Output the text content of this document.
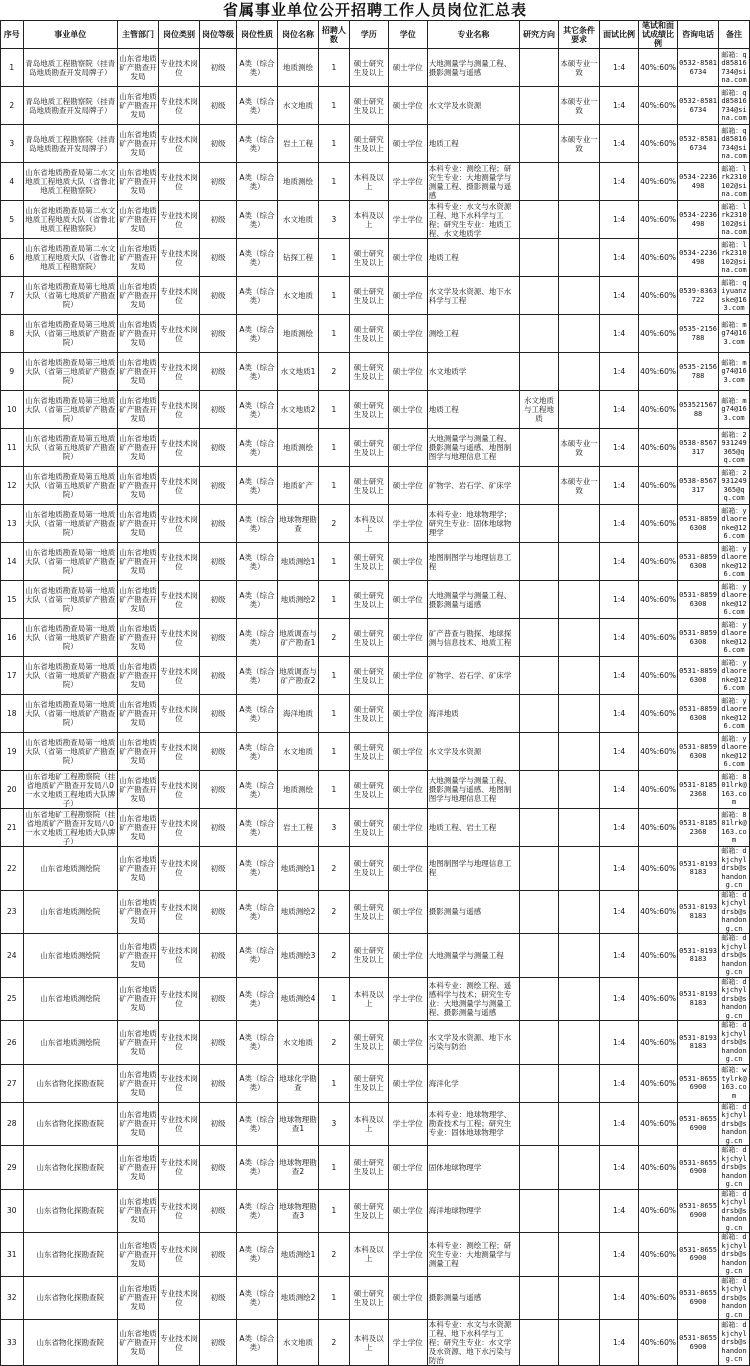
省属事业单位公开招聘工作人员岗位汇总表
序号	事业单位	主管部门	岗位类别	岗位等级	岗位性质	岗位名称	招聘人数	学历	学位	专业名称	研究方向	其它条件要求	面试比例	笔试和面试成绩比例	咨询电话	备注
1	青岛地质工程勘察院（挂青岛地质勘查开发局牌子）	山东省地质矿产勘查开发局	专业技术岗位	初级	A类（综合类）	地质测绘	1	硕士研究生及以上	硕士学位	大地测量学与测量工程、摄影测量与遥感		本硕专业一致	1:4	40%:60%	0532-85816734	邮箱：qd85816734@sina.com
2	青岛地质工程勘察院（挂青岛地质勘查开发局牌子）	山东省地质矿产勘查开发局	专业技术岗位	初级	A类（综合类）	水文地质	1	硕士研究生及以上	硕士学位	水文学及水资源		本硕专业一致	1:4	40%:60%	0532-85816734	邮箱：qd85816734@sina.com
3	青岛地质工程勘察院（挂青岛地质勘查开发局牌子）	山东省地质矿产勘查开发局	专业技术岗位	初级	A类（综合类）	岩土工程	1	硕士研究生及以上	硕士学位	地质工程		本硕专业一致	1:4	40%:60%	0532-85816734	邮箱：qd85816734@sina.com
4	山东省地质勘查局第二水文地质工程地质大队（省鲁北地质工程勘察院）	山东省地质矿产勘查开发局	专业技术岗位	初级	A类（综合类）	地质测绘	1	本科及以上	学士学位	本科专业：测绘工程；研究生专业：大地测量学与测量工程、摄影测量与遥感			1:4	40%:60%	0534-2236498	邮箱：lrk2310102@sina.com
5	山东省地质勘查局第二水文地质工程地质大队（省鲁北地质工程勘察院）	山东省地质矿产勘查开发局	专业技术岗位	初级	A类（综合类）	水文地质	3	本科及以上	学士学位	本科专业：水文与水资源工程、地下水科学与工程；研究生专业：地质工程、水文地质学			1:4	40%:60%	0534-2236498	邮箱：lrk2310102@sina.com
6	山东省地质勘查局第二水文地质工程地质大队（省鲁北地质工程勘察院）	山东省地质矿产勘查开发局	专业技术岗位	初级	A类（综合类）	钻探工程	1	硕士研究生及以上	硕士学位	地质工程			1:4	40%:60%	0534-2236498	邮箱：lrk2310102@sina.com
7	山东省地质勘查局第七地质大队（省第七地质矿产勘查院）	山东省地质矿产勘查开发局	专业技术岗位	初级	A类（综合类）	水文地质	1	硕士研究生及以上	硕士学位	水文学及水资源、地下水科学与工程			1:4	40%:60%	0539-8363722	邮箱：qiyuanzske@163.com
8	山东省地质勘查局第三地质大队（省第三地质矿产勘查院）	山东省地质矿产勘查开发局	专业技术岗位	初级	A类（综合类）	地质测绘	1	硕士研究生及以上	硕士学位	测绘工程			1:4	40%:60%	0535-2156788	邮箱：mg74@163.com
9	山东省地质勘查局第三地质大队（省第三地质矿产勘查院）	山东省地质矿产勘查开发局	专业技术岗位	初级	A类（综合类）	水文地质1	2	硕士研究生及以上	硕士学位	水文地质学			1:4	40%:60%	0535-2156788	邮箱：mg74@163.com
10	山东省地质勘查局第三地质大队（省第三地质矿产勘查院）	山东省地质矿产勘查开发局	专业技术岗位	初级	A类（综合类）	水文地质2	1	硕士研究生及以上	硕士学位	地质工程	水文地质与工程地质		1:4	40%:60%	05352156788	邮箱：mg74@163.com
11	山东省地质勘查局第五地质大队（省第五地质矿产勘查院）	山东省地质矿产勘查开发局	专业技术岗位	初级	A类（综合类）	地质测绘	1	硕士研究生及以上	硕士学位	大地测量学与测量工程、摄影测量与遥感、地图制图学与地理信息工程		本硕专业一致	1:4	40%:60%	0538-8567317	邮箱：2931249365@qq.com
12	山东省地质勘查局第五地质大队（省第五地质矿产勘查院）	山东省地质矿产勘查开发局	专业技术岗位	初级	A类（综合类）	地质矿产	1	硕士研究生及以上	硕士学位	矿物学、岩石学、矿床学		本硕专业一致	1:4	40%:60%	0538-8567317	邮箱：2931249365@qq.com
13	山东省地质勘查局第一地质大队（省第一地质矿产勘查院）	山东省地质矿产勘查开发局	专业技术岗位	初级	A类（综合类）	地球物理勘查	2	本科及以上	学士学位	本科专业：地球物理学；研究生专业：固体地球物理学			1:4	40%:60%	0531-88596308	邮箱：ydlaorenke@126.com
14	山东省地质勘查局第一地质大队（省第一地质矿产勘查院）	山东省地质矿产勘查开发局	专业技术岗位	初级	A类（综合类）	地质测绘1	1	硕士研究生及以上	硕士学位	地图制图学与地理信息工程			1:4	40%:60%	0531-88596308	邮箱：ydlaorenke@126.com
15	山东省地质勘查局第一地质大队（省第一地质矿产勘查院）	山东省地质矿产勘查开发局	专业技术岗位	初级	A类（综合类）	地质测绘2	1	硕士研究生及以上	硕士学位	大地测量学与测量工程、摄影测量与遥感			1:4	40%:60%	0531-88596308	邮箱：ydlaorenke@126.com
16	山东省地质勘查局第一地质大队（省第一地质矿产勘查院）	山东省地质矿产勘查开发局	专业技术岗位	初级	A类（综合类）	地质调查与矿产勘查1	2	硕士研究生及以上	硕士学位	矿产普查与勘探、地球探测与信息技术、地质工程			1:4	40%:60%	0531-88596308	邮箱：ydlaorenke@126.com
17	山东省地质勘查局第一地质大队（省第一地质矿产勘查院）	山东省地质矿产勘查开发局	专业技术岗位	初级	A类（综合类）	地质调查与矿产勘查2	1	硕士研究生及以上	硕士学位	矿物学、岩石学、矿床学			1:4	40%:60%	0531-88596308	邮箱：ydlaorenke@126.com
18	山东省地质勘查局第一地质大队（省第一地质矿产勘查院）	山东省地质矿产勘查开发局	专业技术岗位	初级	A类（综合类）	海洋地质	1	硕士研究生及以上	硕士学位	海洋地质			1:4	40%:60%	0531-88596308	邮箱：ydlaorenke@126.com
19	山东省地质勘查局第一地质大队（省第一地质矿产勘查院）	山东省地质矿产勘查开发局	专业技术岗位	初级	A类（综合类）	水文地质	1	硕士研究生及以上	硕士学位	水文学及水资源			1:4	40%:60%	0531-88596308	邮箱：ydlaorenke@126.com
20	山东省地矿工程勘察院（挂省地质矿产勘查开发局八0一水文地质工程地质大队牌子）	山东省地质矿产勘查开发局	专业技术岗位	初级	A类（综合类）	地质测绘	1	硕士研究生及以上	硕士学位	大地测量学与测量工程、摄影测量与遥感、地图制图学与地理信息工程			1:4	40%:60%	0531-81852368	邮箱：801lrk@163.com
21	山东省地矿工程勘察院（挂省地质矿产勘查开发局八0一水文地质工程地质大队牌子）	山东省地质矿产勘查开发局	专业技术岗位	初级	A类（综合类）	岩土工程	3	硕士研究生及以上	硕士学位	地质工程、岩土工程			1:4	40%:60%	0531-81852368	邮箱：801lrk@163.com
22	山东省地质测绘院	山东省地质矿产勘查开发局	专业技术岗位	初级	A类（综合类）	地质测绘1	2	硕士研究生及以上	硕士学位	地图制图学与地理信息工程			1:4	40%:60%	0531-81938183	邮箱：dkjchyldrsb@shandong.cn
23	山东省地质测绘院	山东省地质矿产勘查开发局	专业技术岗位	初级	A类（综合类）	地质测绘2	2	硕士研究生及以上	硕士学位	摄影测量与遥感			1:4	40%:60%	0531-81938183	邮箱：dkjchyldrsb@shandong.cn
24	山东省地质测绘院	山东省地质矿产勘查开发局	专业技术岗位	初级	A类（综合类）	地质测绘3	2	硕士研究生及以上	硕士学位	大地测量学与测量工程			1:4	40%:60%	0531-81938183	邮箱：dkjchyldrsb@shandong.cn
25	山东省地质测绘院	山东省地质矿产勘查开发局	专业技术岗位	初级	A类（综合类）	地质测绘4	1	本科及以上	学士学位	本科专业：测绘工程、遥感科学与技术；研究生专业：大地测量学与测量工程、摄影测量与遥感			1:4	40%:60%	0531-81938183	邮箱：dkjchyldrsb@shandong.cn
26	山东省地质测绘院	山东省地质矿产勘查开发局	专业技术岗位	初级	A类（综合类）	水文地质	2	硕士研究生及以上	硕士学位	水文学及水资源、地下水污染与防治			1:4	40%:60%	0531-81938183	邮箱：dkjchyldrsb@shandong.cn
27	山东省物化探勘查院	山东省地质矿产勘查开发局	专业技术岗位	初级	A类（综合类）	地球化学勘查	1	硕士研究生及以上	硕士学位	海洋化学			1:4	40%:60%	0531-86556900	邮箱：wtylrk@163.com
28	山东省物化探勘查院	山东省地质矿产勘查开发局	专业技术岗位	初级	A类（综合类）	地球物理勘查1	3	本科及以上	学士学位	本科专业：地球物理学、勘查技术与工程；研究生专业：固体地球物理学			1:4	40%:60%	0531-86556900	邮箱：dkjchyldrsb@shandong.cn
29	山东省物化探勘查院	山东省地质矿产勘查开发局	专业技术岗位	初级	A类（综合类）	地球物理勘查2	1	硕士研究生及以上	硕士学位	固体地球物理学			1:4	40%:60%	0531-86556900	邮箱：dkjchyldrsb@shandong.cn
30	山东省物化探勘查院	山东省地质矿产勘查开发局	专业技术岗位	初级	A类（综合类）	地球物理勘查3	1	硕士研究生及以上	硕士学位	海洋地球物理学			1:4	40%:60%	0531-86556900	邮箱：dkjchyldrsb@shandong.cn
31	山东省物化探勘查院	山东省地质矿产勘查开发局	专业技术岗位	初级	A类（综合类）	地质测绘1	2	本科及以上	学士学位	本科专业：测绘工程；研究生专业：大地测量学与测量工程			1:4	40%:60%	0531-86556900	邮箱：dkjchyldrsb@shandong.cn
32	山东省物化探勘查院	山东省地质矿产勘查开发局	专业技术岗位	初级	A类（综合类）	地质测绘2	1	硕士研究生及以上	硕士学位	摄影测量与遥感			1:4	40%:60%	0531-86556900	邮箱：dkjchyldrsb@shandong.cn
33	山东省物化探勘查院	山东省地质矿产勘查开发局	专业技术岗位	初级	A类（综合类）	水文地质	2	本科及以上	学士学位	本科专业：水文与水资源工程、地下水科学与工程；研究生专业：水文学及水资源、地下水污染与防治			1:4	40%:60%	0531-86556900	邮箱：dkjchyldrsb@shandong.cn
